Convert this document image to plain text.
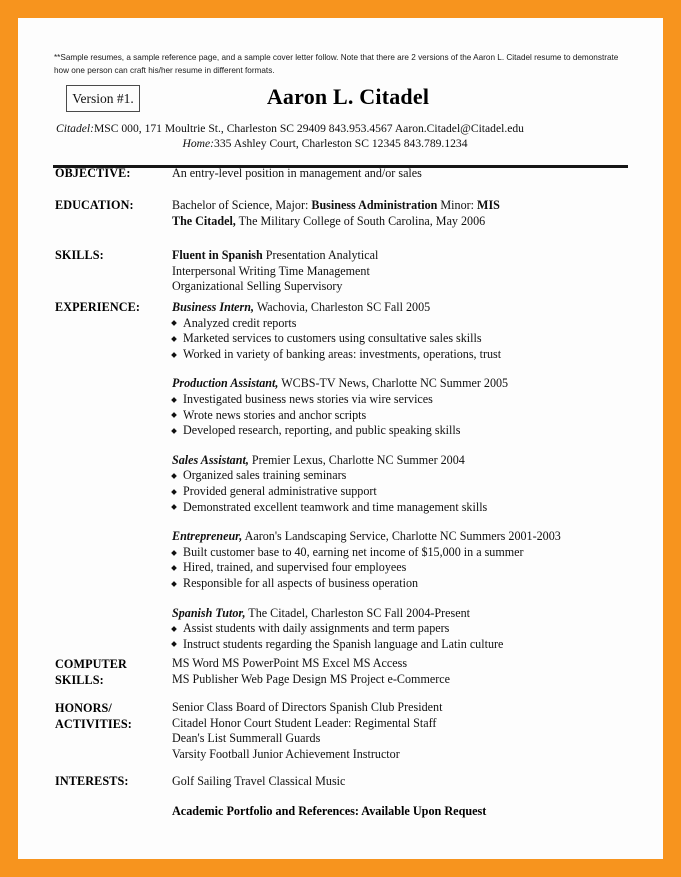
**Sample resumes, a sample reference page, and a sample cover letter follow. Note that there are 2 versions of the Aaron L. Citadel resume to demonstrate how one person can craft his/her resume in different formats.
Version #1.	Aaron L. Citadel
Citadel:MSC 000, 171 Moultrie St., Charleston SC 29409 843.953.4567 Aaron.Citadel@Citadel.edu
Home:335 Ashley Court, Charleston SC 12345 843.789.1234
OBJECTIVE:	An entry-level position in management and/or sales
EDUCATION:	Bachelor of Science, Major: Business Administration Minor: MIS
The Citadel, The Military College of South Carolina, May 2006
SKILLS:	Fluent in Spanish Presentation Analytical
Interpersonal Writing Time Management
Organizational Selling Supervisory
EXPERIENCE:	Business Intern, Wachovia, Charleston SC Fall 2005
Analyzed credit reports
Marketed services to customers using consultative sales skills
Worked in variety of banking areas: investments, operations, trust
Production Assistant, WCBS-TV News, Charlotte NC Summer 2005
Investigated business news stories via wire services
Wrote news stories and anchor scripts
Developed research, reporting, and public speaking skills
Sales Assistant, Premier Lexus, Charlotte NC Summer 2004
Organized sales training seminars
Provided general administrative support
Demonstrated excellent teamwork and time management skills
Entrepreneur, Aaron's Landscaping Service, Charlotte NC Summers 2001-2003
Built customer base to 40, earning net income of $15,000 in a summer
Hired, trained, and supervised four employees
Responsible for all aspects of business operation
Spanish Tutor, The Citadel, Charleston SC Fall 2004-Present
Assist students with daily assignments and term papers
Instruct students regarding the Spanish language and Latin culture
COMPUTER
SKILLS:
MS Word MS PowerPoint MS Excel MS Access
MS Publisher Web Page Design MS Project e-Commerce
HONORS/
ACTIVITIES:
Senior Class Board of Directors Spanish Club President
Citadel Honor Court Student Leader: Regimental Staff
Dean's List Summerall Guards
Varsity Football Junior Achievement Instructor
INTERESTS:	Golf Sailing Travel Classical Music
Academic Portfolio and References: Available Upon Request
